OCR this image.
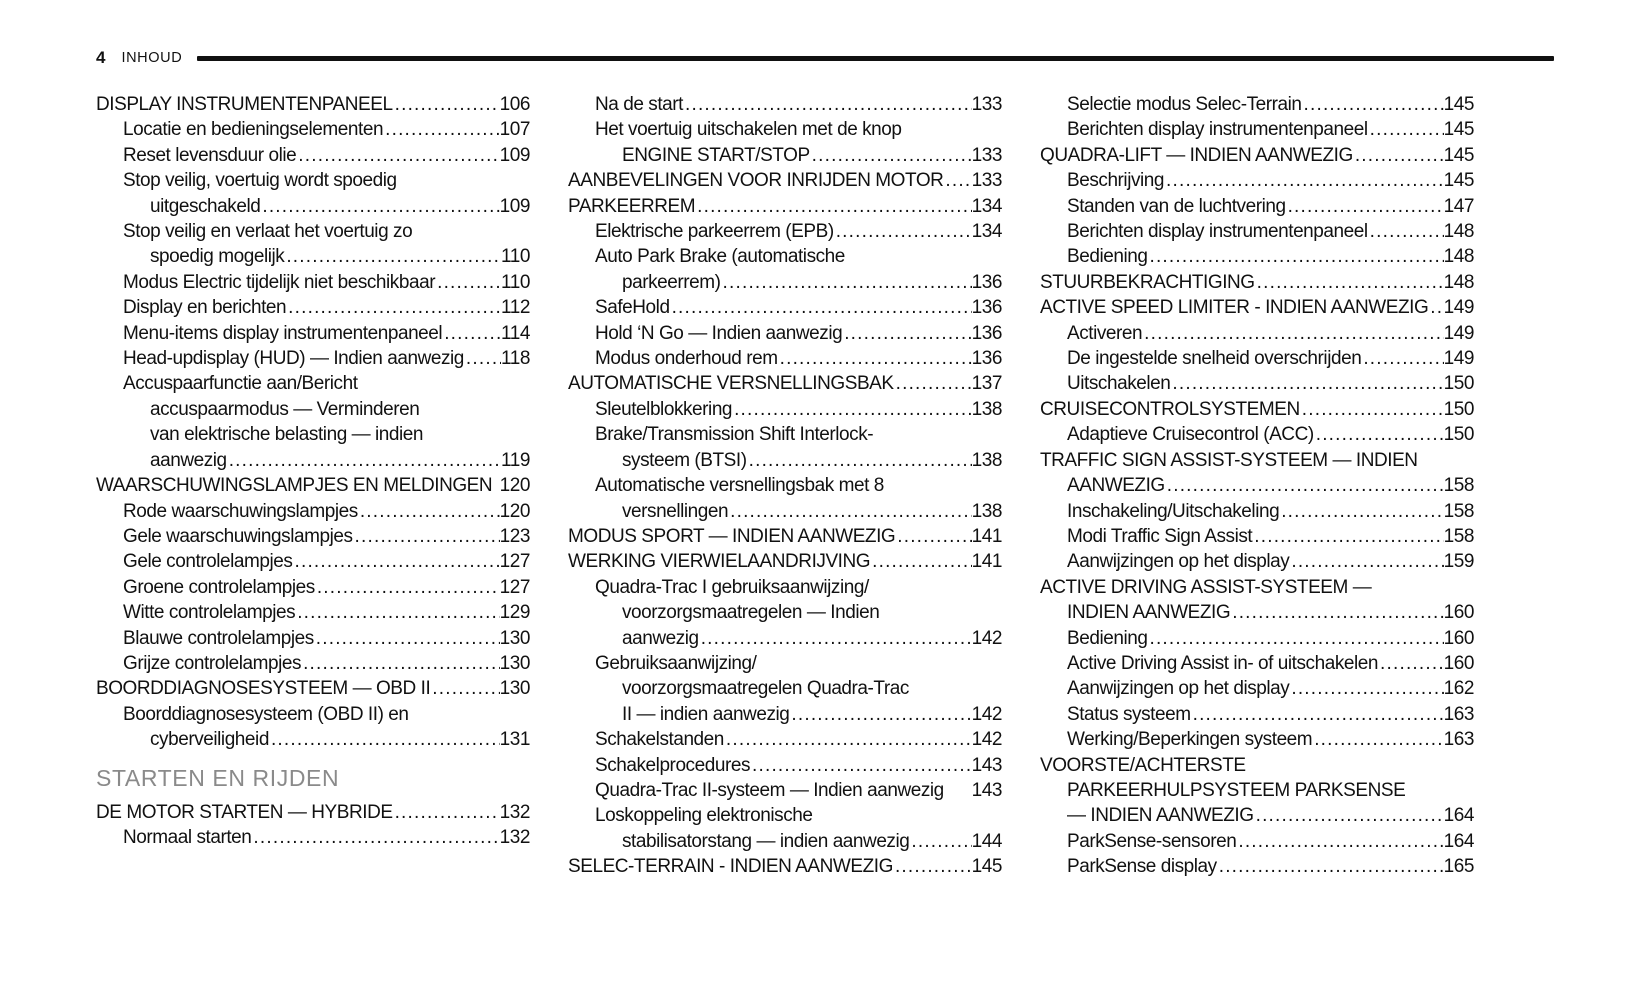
4 INHOUD
DISPLAY INSTRUMENTENPANEEL .....	106
Locatie en bedieningselementen .....	107
Reset levensduur olie .....	109
Stop veilig, voertuig wordt spoedig
uitgeschakeld .....	109
Stop veilig en verlaat het voertuig zo
spoedig mogelijk .....	110
Modus Electric tijdelijk niet beschikbaar .....	110
Display en berichten .....	112
Menu-items display instrumentenpaneel .....	114
Head-updisplay (HUD) — Indien aanwezig ..... 118
Accuspaarfunctie aan/Bericht
accuspaarmodus — Verminderen
van elektrische belasting — indien
aanwezig .....	119
WAARSCHUWINGSLAMPJES EN MELDINGEN 120
Rode waarschuwingslampjes .....	120
Gele waarschuwingslampjes .....	123
Gele controlelampjes .....	127
Groene controlelampjes .....	127
Witte controlelampjes .....	129
Blauwe controlelampjes .....	130
Grijze controlelampjes .....	130
BOORDDIAGNOSESYSTEEM — OBD II .....	130
Boorddiagnosesysteem (OBD II) en
cyberveiligheid .....	131
STARTEN EN RIJDEN
DE MOTOR STARTEN — HYBRIDE .....	132
Normaal starten .....	132
Na de start .....	133
Het voertuig uitschakelen met de knop
ENGINE START/STOP .....	133
AANBEVELINGEN VOOR INRIJDEN MOTOR ..... 133
PARKEERREM .....	134
Elektrische parkeerrem (EPB) .....	134
Auto Park Brake (automatische
parkeerrem) .....	136
SafeHold .....	136
Hold ‘N Go — Indien aanwezig .....	136
Modus onderhoud rem .....	136
AUTOMATISCHE VERSNELLINGSBAK .....	137
Sleutelblokkering .....	138
Brake/Transmission Shift Interlock-
systeem (BTSI) .....	138
Automatische versnellingsbak met 8
versnellingen .....	138
MODUS SPORT — INDIEN AANWEZIG .....	141
WERKING VIERWIELAANDRIJVING .....	141
Quadra-Trac I gebruiksaanwijzing/
voorzorgsmaatregelen — Indien
aanwezig .....	142
Gebruiksaanwijzing/
voorzorgsmaatregelen Quadra-Trac
II — indien aanwezig .....	142
Schakelstanden .....	142
Schakelprocedures .....	143
Quadra-Trac II-systeem — Indien aanwezig 143
Loskoppeling elektronische
stabilisatorstang — indien aanwezig .....	144
SELEC-TERRAIN - INDIEN AANWEZIG .....	145
Selectie modus Selec-Terrain .....	145
Berichten display instrumentenpaneel .....	145
QUADRA-LIFT — INDIEN AANWEZIG .....	145
Beschrijving .....	145
Standen van de luchtvering .....	147
Berichten display instrumentenpaneel .....	148
Bediening .....	148
STUURBEKRACHTIGING .....	148
ACTIVE SPEED LIMITER - INDIEN AANWEZIG ..... 149
Activeren .....	149
De ingestelde snelheid overschrijden .....	149
Uitschakelen .....	150
CRUISECONTROLSYSTEMEN .....	150
Adaptieve Cruisecontrol (ACC) .....	150
TRAFFIC SIGN ASSIST-SYSTEEM — INDIEN
AANWEZIG .....	158
Inschakeling/Uitschakeling .....	158
Modi Traffic Sign Assist .....	158
Aanwijzingen op het display .....	159
ACTIVE DRIVING ASSIST-SYSTEEM —
INDIEN AANWEZIG .....	160
Bediening .....	160
Active Driving Assist in- of uitschakelen .....	160
Aanwijzingen op het display .....	162
Status systeem .....	163
Werking/Beperkingen systeem .....	163
VOORSTE/ACHTERSTE
PARKEERHULPSYSTEEM PARKSENSE
— INDIEN AANWEZIG .....	164
ParkSense-sensoren .....	164
ParkSense display .....	165
